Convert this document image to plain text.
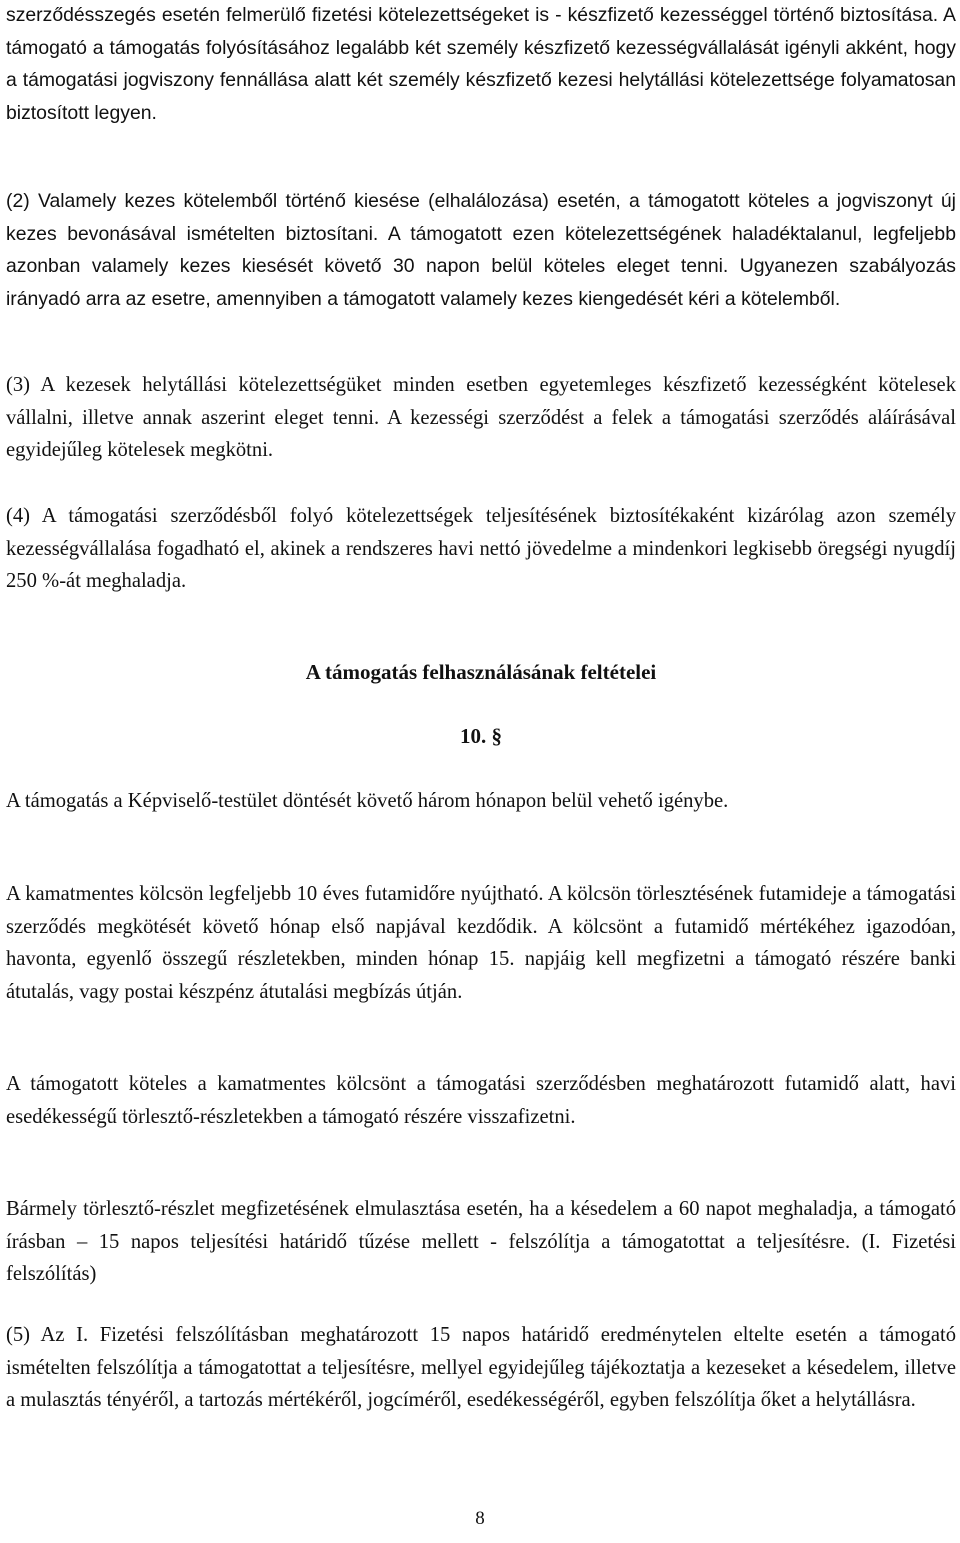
szerződésszegés esetén felmerülő fizetési kötelezettségeket is - készfizető kezességgel történő biztosítása. A támogató a támogatás folyósításához legalább két személy készfizető kezességvállalását igényli akként, hogy a támogatási jogviszony fennállása alatt két személy készfizető kezesi helytállási kötelezettsége folyamatosan biztosított legyen.

(2) Valamely kezes kötelemből történő kiesése (elhalálozása) esetén, a támogatott köteles a jogviszonyt új kezes bevonásával ismételten biztosítani. A támogatott ezen kötelezettségének haladéktalanul, legfeljebb azonban valamely kezes kiesését követő 30 napon belül köteles eleget tenni. Ugyanezen szabályozás irányadó arra az esetre, amennyiben a támogatott valamely kezes kiengedését kéri a kötelemből.

(3) A kezesek helytállási kötelezettségüket minden esetben egyetemleges készfizető kezességként kötelesek vállalni, illetve annak aszerint eleget tenni. A kezességi szerződést a felek a támogatási szerződés aláírásával egyidejűleg kötelesek megkötni.

(4) A támogatási szerződésből folyó kötelezettségek teljesítésének biztosítékaként kizárólag azon személy kezességvállalása fogadható el, akinek a rendszeres havi nettó jövedelme a mindenkori legkisebb öregségi nyugdíj 250 %-át meghaladja.

A támogatás felhasználásának feltételei
10. §

A támogatás a Képviselő-testület döntését követő három hónapon belül vehető igénybe.

A kamatmentes kölcsön legfeljebb 10 éves futamidőre nyújtható. A kölcsön törlesztésének futamideje a támogatási szerződés megkötését követő hónap első napjával kezdődik. A kölcsönt a futamidő mértékéhez igazodóan, havonta, egyenlő összegű részletekben, minden hónap 15. napjáig kell megfizetni a támogató részére banki átutalás, vagy postai készpénz átutalási megbízás útján.

A támogatott köteles a kamatmentes kölcsönt a támogatási szerződésben meghatározott futamidő alatt, havi esedékességű törlesztő-részletekben a támogató részére visszafizetni.

Bármely törlesztő-részlet megfizetésének elmulasztása esetén, ha a késedelem a 60 napot meghaladja, a támogató írásban – 15 napos teljesítési határidő tűzése mellett - felszólítja a támogatottat a teljesítésre. (I. Fizetési felszólítás)

(5) Az I. Fizetési felszólításban meghatározott 15 napos határidő eredménytelen eltelte esetén a támogató ismételten felszólítja a támogatottat a teljesítésre, mellyel egyidejűleg tájékoztatja a kezeseket a késedelem, illetve a mulasztás tényéről, a tartozás mértékéről, jogcíméről, esedékességéről, egyben felszólítja őket a helytállásra.

8
